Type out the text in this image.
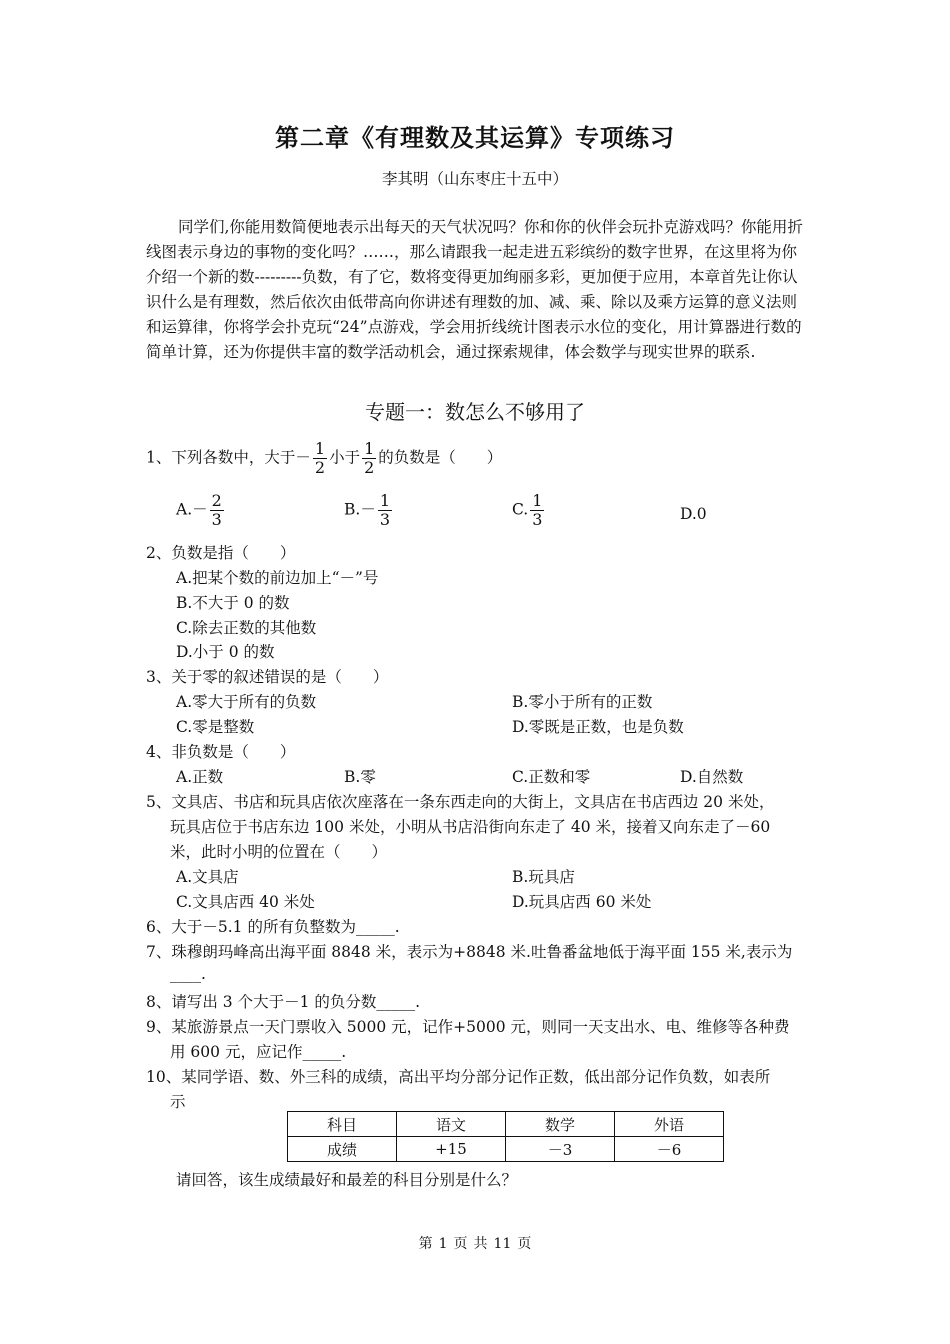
第二章《有理数及其运算》专项练习
李其明（山东枣庄十五中）

同学们,你能用数简便地表示出每天的天气状况吗？你和你的伙伴会玩扑克游戏吗？你能用折线图表示身边的事物的变化吗？……，那么请跟我一起走进五彩缤纷的数字世界，在这里将为你介绍一个新的数---------负数，有了它，数将变得更加绚丽多彩，更加便于应用，本章首先让你认识什么是有理数，然后依次由低带高向你讲述有理数的加、减、乘、除以及乘方运算的意义法则和运算律，你将学会扑克玩“24”点游戏，学会用折线统计图表示水位的变化，用计算器进行数的简单计算，还为你提供丰富的数学活动机会，通过探索规律，体会数学与现实世界的联系.

专题一：数怎么不够用了
1、下列各数中，大于－ $\frac{1}{2}$ 小于 $\frac{1}{2}$ 的负数是（　　）
$A.- \frac{2}{3}$	$B.- \frac{1}{3}$	C. $\frac{1}{3}$	D.0
2、负数是指（　　）
A.把某个数的前边加上“－”号
B.不大于 0 的数
C.除去正数的其他数
D.小于 0 的数
3、关于零的叙述错误的是（　　）
A.零大于所有的负数	B.零小于所有的正数
C.零是整数	D.零既是正数，也是负数
4、非负数是（　　）
A.正数	B.零	C.正数和零	D.自然数
5、文具店、书店和玩具店依次座落在一条东西走向的大街上，文具店在书店西边 20 米处，
玩具店位于书店东边 100 米处，小明从书店沿街向东走了 40 米，接着又向东走了－60
米，此时小明的位置在（　　）
A.文具店	B.玩具店
C.文具店西 40 米处	D.玩具店西 60 米处
6、大于－5.1 的所有负整数为_____.
7、珠穆朗玛峰高出海平面 8848 米，表示为+8848 米.吐鲁番盆地低于海平面 155 米,表示为
____.
8、请写出 3 个大于－1 的负分数_____.
9、某旅游景点一天门票收入 5000 元，记作+5000 元，则同一天支出水、电、维修等各种费
用 600 元，应记作_____.
10、某同学语、数、外三科的成绩，高出平均分部分记作正数，低出部分记作负数，如表所
示
科目	语文	数学	外语
成绩	+15	－3	－6
请回答，该生成绩最好和最差的科目分别是什么？
第 1 页 共 11 页
